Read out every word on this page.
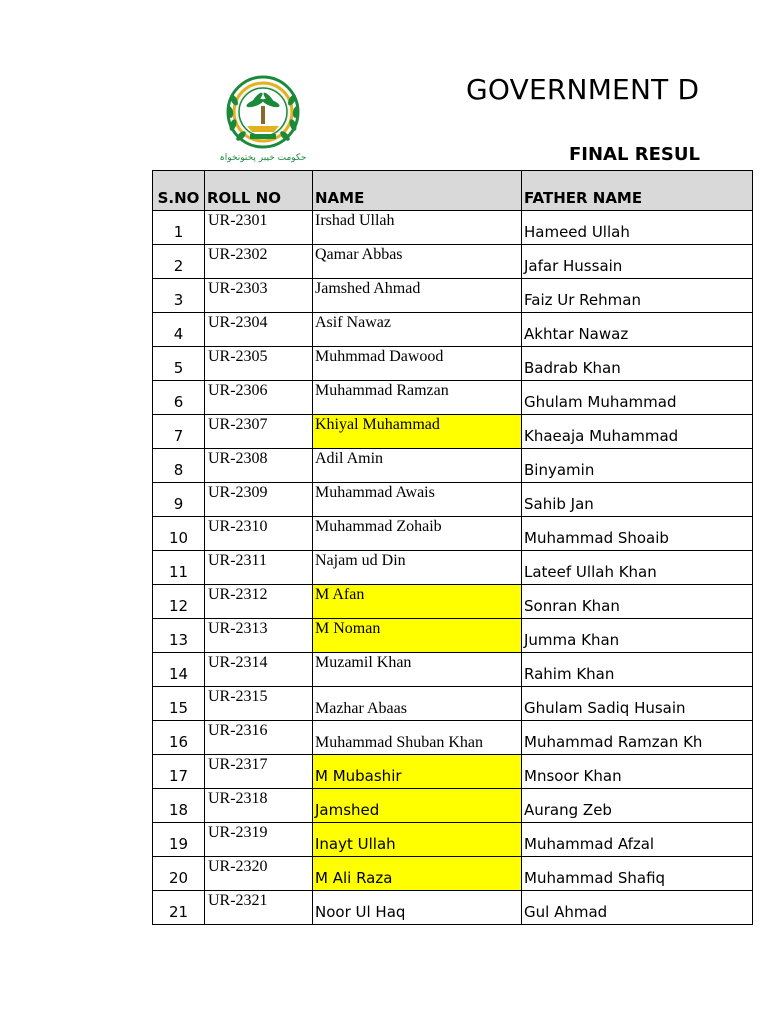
حکومت خیبر پختونخواہ
GOVERNMENT D
FINAL RESUL
S.NO	ROLL NO	NAME	FATHER NAME
1	UR-2301	Irshad Ullah	Hameed Ullah
2	UR-2302	Qamar Abbas	Jafar Hussain
3	UR-2303	Jamshed Ahmad	Faiz Ur Rehman
4	UR-2304	Asif Nawaz	Akhtar Nawaz
5	UR-2305	Muhmmad Dawood	Badrab Khan
6	UR-2306	Muhammad Ramzan	Ghulam Muhammad
7	UR-2307	Khiyal Muhammad	Khaeaja Muhammad
8	UR-2308	Adil Amin	Binyamin
9	UR-2309	Muhammad Awais	Sahib Jan
10	UR-2310	Muhammad Zohaib	Muhammad Shoaib
11	UR-2311	Najam ud Din	Lateef Ullah Khan
12	UR-2312	M Afan	Sonran Khan
13	UR-2313	M Noman	Jumma Khan
14	UR-2314	Muzamil Khan	Rahim Khan
15	UR-2315	Mazhar Abaas	Ghulam Sadiq Husain
16	UR-2316	Muhammad Shuban Khan	Muhammad Ramzan Kh
17	UR-2317	M Mubashir	Mnsoor Khan
18	UR-2318	Jamshed	Aurang Zeb
19	UR-2319	Inayt Ullah	Muhammad Afzal
20	UR-2320	M Ali Raza	Muhammad Shafiq
21	UR-2321	Noor Ul Haq	Gul Ahmad
